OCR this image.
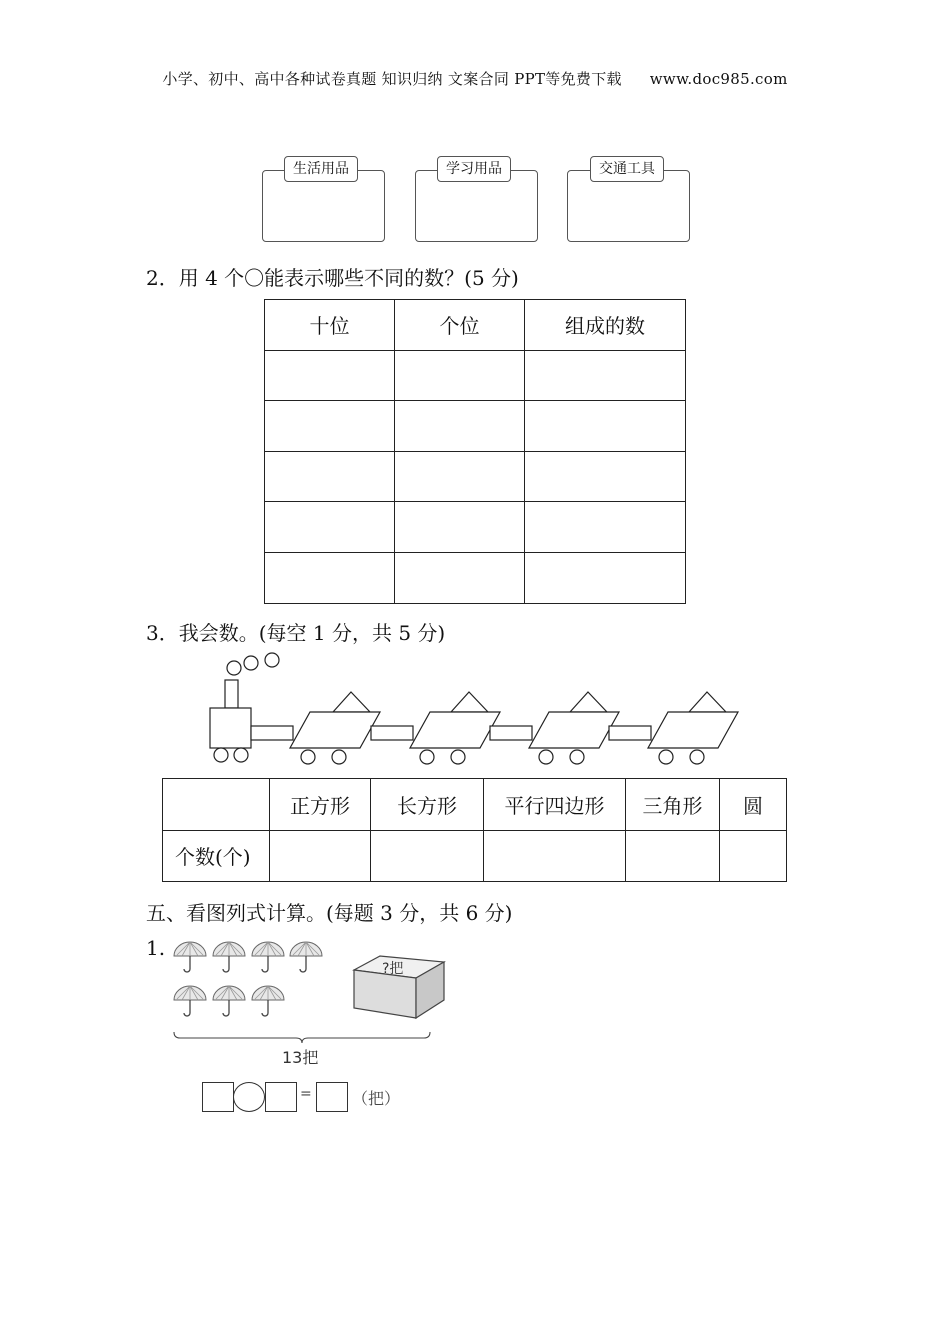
小学、初中、高中各种试卷真题 知识归纳 文案合同 PPT等免费下载 www.doc985.com
生活用品	学习用品	交通工具
2．用 4 个〇能表示哪些不同的数？(5 分)
十位	个位	组成的数

3．我会数。(每空 1 分，共 5 分)
	正方形	长方形	平行四边形	三角形	圆
个数(个)					
五、看图列式计算。(每题 3 分，共 6 分)
1.
?把
13把
=	（把）
